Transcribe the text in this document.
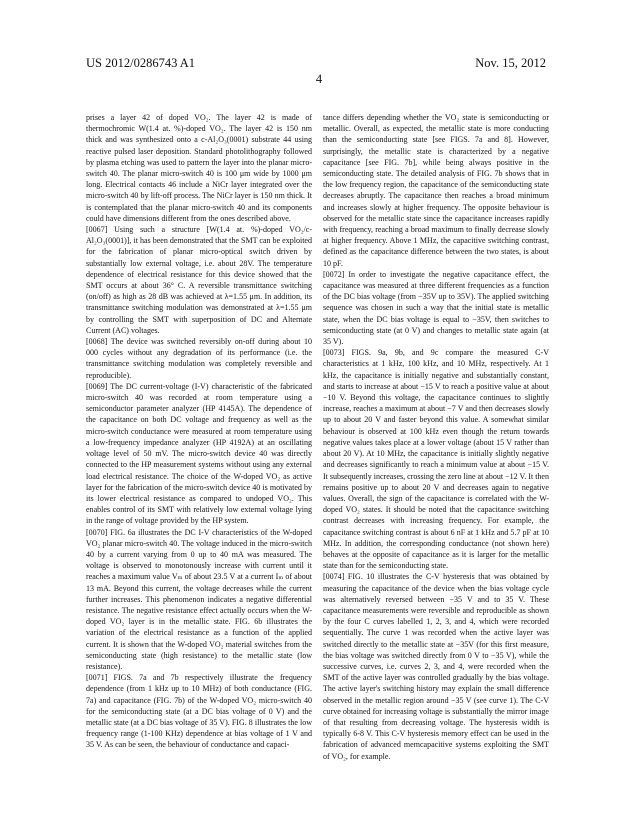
US 2012/0286743 A1	Nov. 15, 2012
4

prises a layer 42 of doped VO₂. The layer 42 is made of thermochromic W(1.4 at. %)-doped VO₂. The layer 42 is 150 nm thick and was synthesized onto a c-Al₂O₃(0001) substrate 44 using reactive pulsed laser deposition. Standard photolithography followed by plasma etching was used to pattern the layer into the planar micro-switch 40. The planar micro-switch 40 is 100 μm wide by 1000 μm long. Electrical contacts 46 include a NiCr layer integrated over the micro-switch 40 by lift-off process. The NiCr layer is 150 nm thick. It is contemplated that the planar micro-switch 40 and its components could have dimensions different from the ones described above.

[0067] Using such a structure [W(1.4 at. %)-doped VO₂/c-Al₂O₃(0001)], it has been demonstrated that the SMT can be exploited for the fabrication of planar micro-optical switch driven by substantially low external voltage, i.e. about 28V. The temperature dependence of electrical resistance for this device showed that the SMT occurs at about 36° C. A reversible transmittance switching (on/off) as high as 28 dB was achieved at λ=1.55 μm. In addition, its transmittance switching modulation was demonstrated at λ=1.55 μm by controlling the SMT with superposition of DC and Alternate Current (AC) voltages.

[0068] The device was switched reversibly on-off during about 10 000 cycles without any degradation of its performance (i.e. the transmittance switching modulation was completely reversible and reproducible).

[0069] The DC current-voltage (I-V) characteristic of the fabricated micro-switch 40 was recorded at room temperature using a semiconductor parameter analyzer (HP 4145A). The dependence of the capacitance on both DC voltage and frequency as well as the micro-switch conductance were measured at room temperature using a low-frequency impedance analyzer (HP 4192A) at an oscillating voltage level of 50 mV. The micro-switch device 40 was directly connected to the HP measurement systems without using any external load electrical resistance. The choice of the W-doped VO₂ as active layer for the fabrication of the micro-switch device 40 is motivated by its lower electrical resistance as compared to undoped VO₂. This enables control of its SMT with relatively low external voltage lying in the range of voltage provided by the HP system.

[0070] FIG. 6a illustrates the DC I-V characteristics of the W-doped VO₂ planar micro-switch 40. The voltage induced in the micro-switch 40 by a current varying from 0 up to 40 mA was measured. The voltage is observed to monotonously increase with current until it reaches a maximum value Vₘ of about 23.5 V at a current Iₘ of about 13 mA. Beyond this current, the voltage decreases while the current further increases. This phenomenon indicates a negative differential resistance. The negative resistance effect actually occurs when the W-doped VO₂ layer is in the metallic state. FIG. 6b illustrates the variation of the electrical resistance as a function of the applied current. It is shown that the W-doped VO₂ material switches from the semiconducting state (high resistance) to the metallic state (low resistance).

[0071] FIGS. 7a and 7b respectively illustrate the frequency dependence (from 1 kHz up to 10 MHz) of both conductance (FIG. 7a) and capacitance (FIG. 7b) of the W-doped VO₂ micro-switch 40 for the semiconducting state (at a DC bias voltage of 0 V) and the metallic state (at a DC bias voltage of 35 V). FIG. 8 illustrates the low frequency range (1-100 KHz) dependence at bias voltage of 1 V and 35 V. As can be seen, the behaviour of conductance and capaci-

tance differs depending whether the VO₂ state is semiconducting or metallic. Overall, as expected, the metallic state is more conducting than the semiconducting state [see FIGS. 7a and 8]. However, surprisingly, the metallic state is characterized by a negative capacitance [see FIG. 7b], while being always positive in the semiconducting state. The detailed analysis of FIG. 7b shows that in the low frequency region, the capacitance of the semiconducting state decreases abruptly. The capacitance then reaches a broad minimum and increases slowly at higher frequency. The opposite behaviour is observed for the metallic state since the capacitance increases rapidly with frequency, reaching a broad maximum to finally decrease slowly at higher frequency. Above 1 MHz, the capacitive switching contrast, defined as the capacitance difference between the two states, is about 10 pF.

[0072] In order to investigate the negative capacitance effect, the capacitance was measured at three different frequencies as a function of the DC bias voltage (from −35V up to 35V). The applied switching sequence was chosen in such a way that the initial state is metallic state, when the DC bias voltage is equal to −35V, then switches to semiconducting state (at 0 V) and changes to metallic state again (at 35 V).

[0073] FIGS. 9a, 9b, and 9c compare the measured C-V characteristics at 1 kHz, 100 kHz, and 10 MHz, respectively. At 1 kHz, the capacitance is initially negative and substantially constant, and starts to increase at about −15 V to reach a positive value at about −10 V. Beyond this voltage, the capacitance continues to slightly increase, reaches a maximum at about −7 V and then decreases slowly up to about 20 V and faster beyond this value. A somewhat similar behaviour is observed at 100 kHz even though the return towards negative values takes place at a lower voltage (about 15 V rather than about 20 V). At 10 MHz, the capacitance is initially slightly negative and decreases significantly to reach a minimum value at about −15 V. It subsequently increases, crossing the zero line at about −12 V. It then remains positive up to about 20 V and decreases again to negative values. Overall, the sign of the capacitance is correlated with the W-doped VO₂ states. It should be noted that the capacitance switching contrast decreases with increasing frequency. For example, the capacitance switching contrast is about 6 nF at 1 kHz and 5.7 pF at 10 MHz. In addition, the corresponding conductance (not shown here) behaves at the opposite of capacitance as it is larger for the metallic state than for the semiconducting state.

[0074] FIG. 10 illustrates the C-V hysteresis that was obtained by measuring the capacitance of the device when the bias voltage cycle was alternatively reversed between −35 V and to 35 V. These capacitance measurements were reversible and reproducible as shown by the four C curves labelled 1, 2, 3, and 4, which were recorded sequentially. The curve 1 was recorded when the active layer was switched directly to the metallic state at −35V (for this first measure, the bias voltage was switched directly from 0 V to −35 V), while the successive curves, i.e. curves 2, 3, and 4, were recorded when the SMT of the active layer was controlled gradually by the bias voltage. The active layer's switching history may explain the small difference observed in the metallic region around −35 V (see curve 1). The C-V curve obtained for increasing voltage is substantially the mirror image of that resulting from decreasing voltage. The hysteresis width is typically 6-8 V. This C-V hysteresis memory effect can be used in the fabrication of advanced memcapacitive systems exploiting the SMT of VO₂, for example.
